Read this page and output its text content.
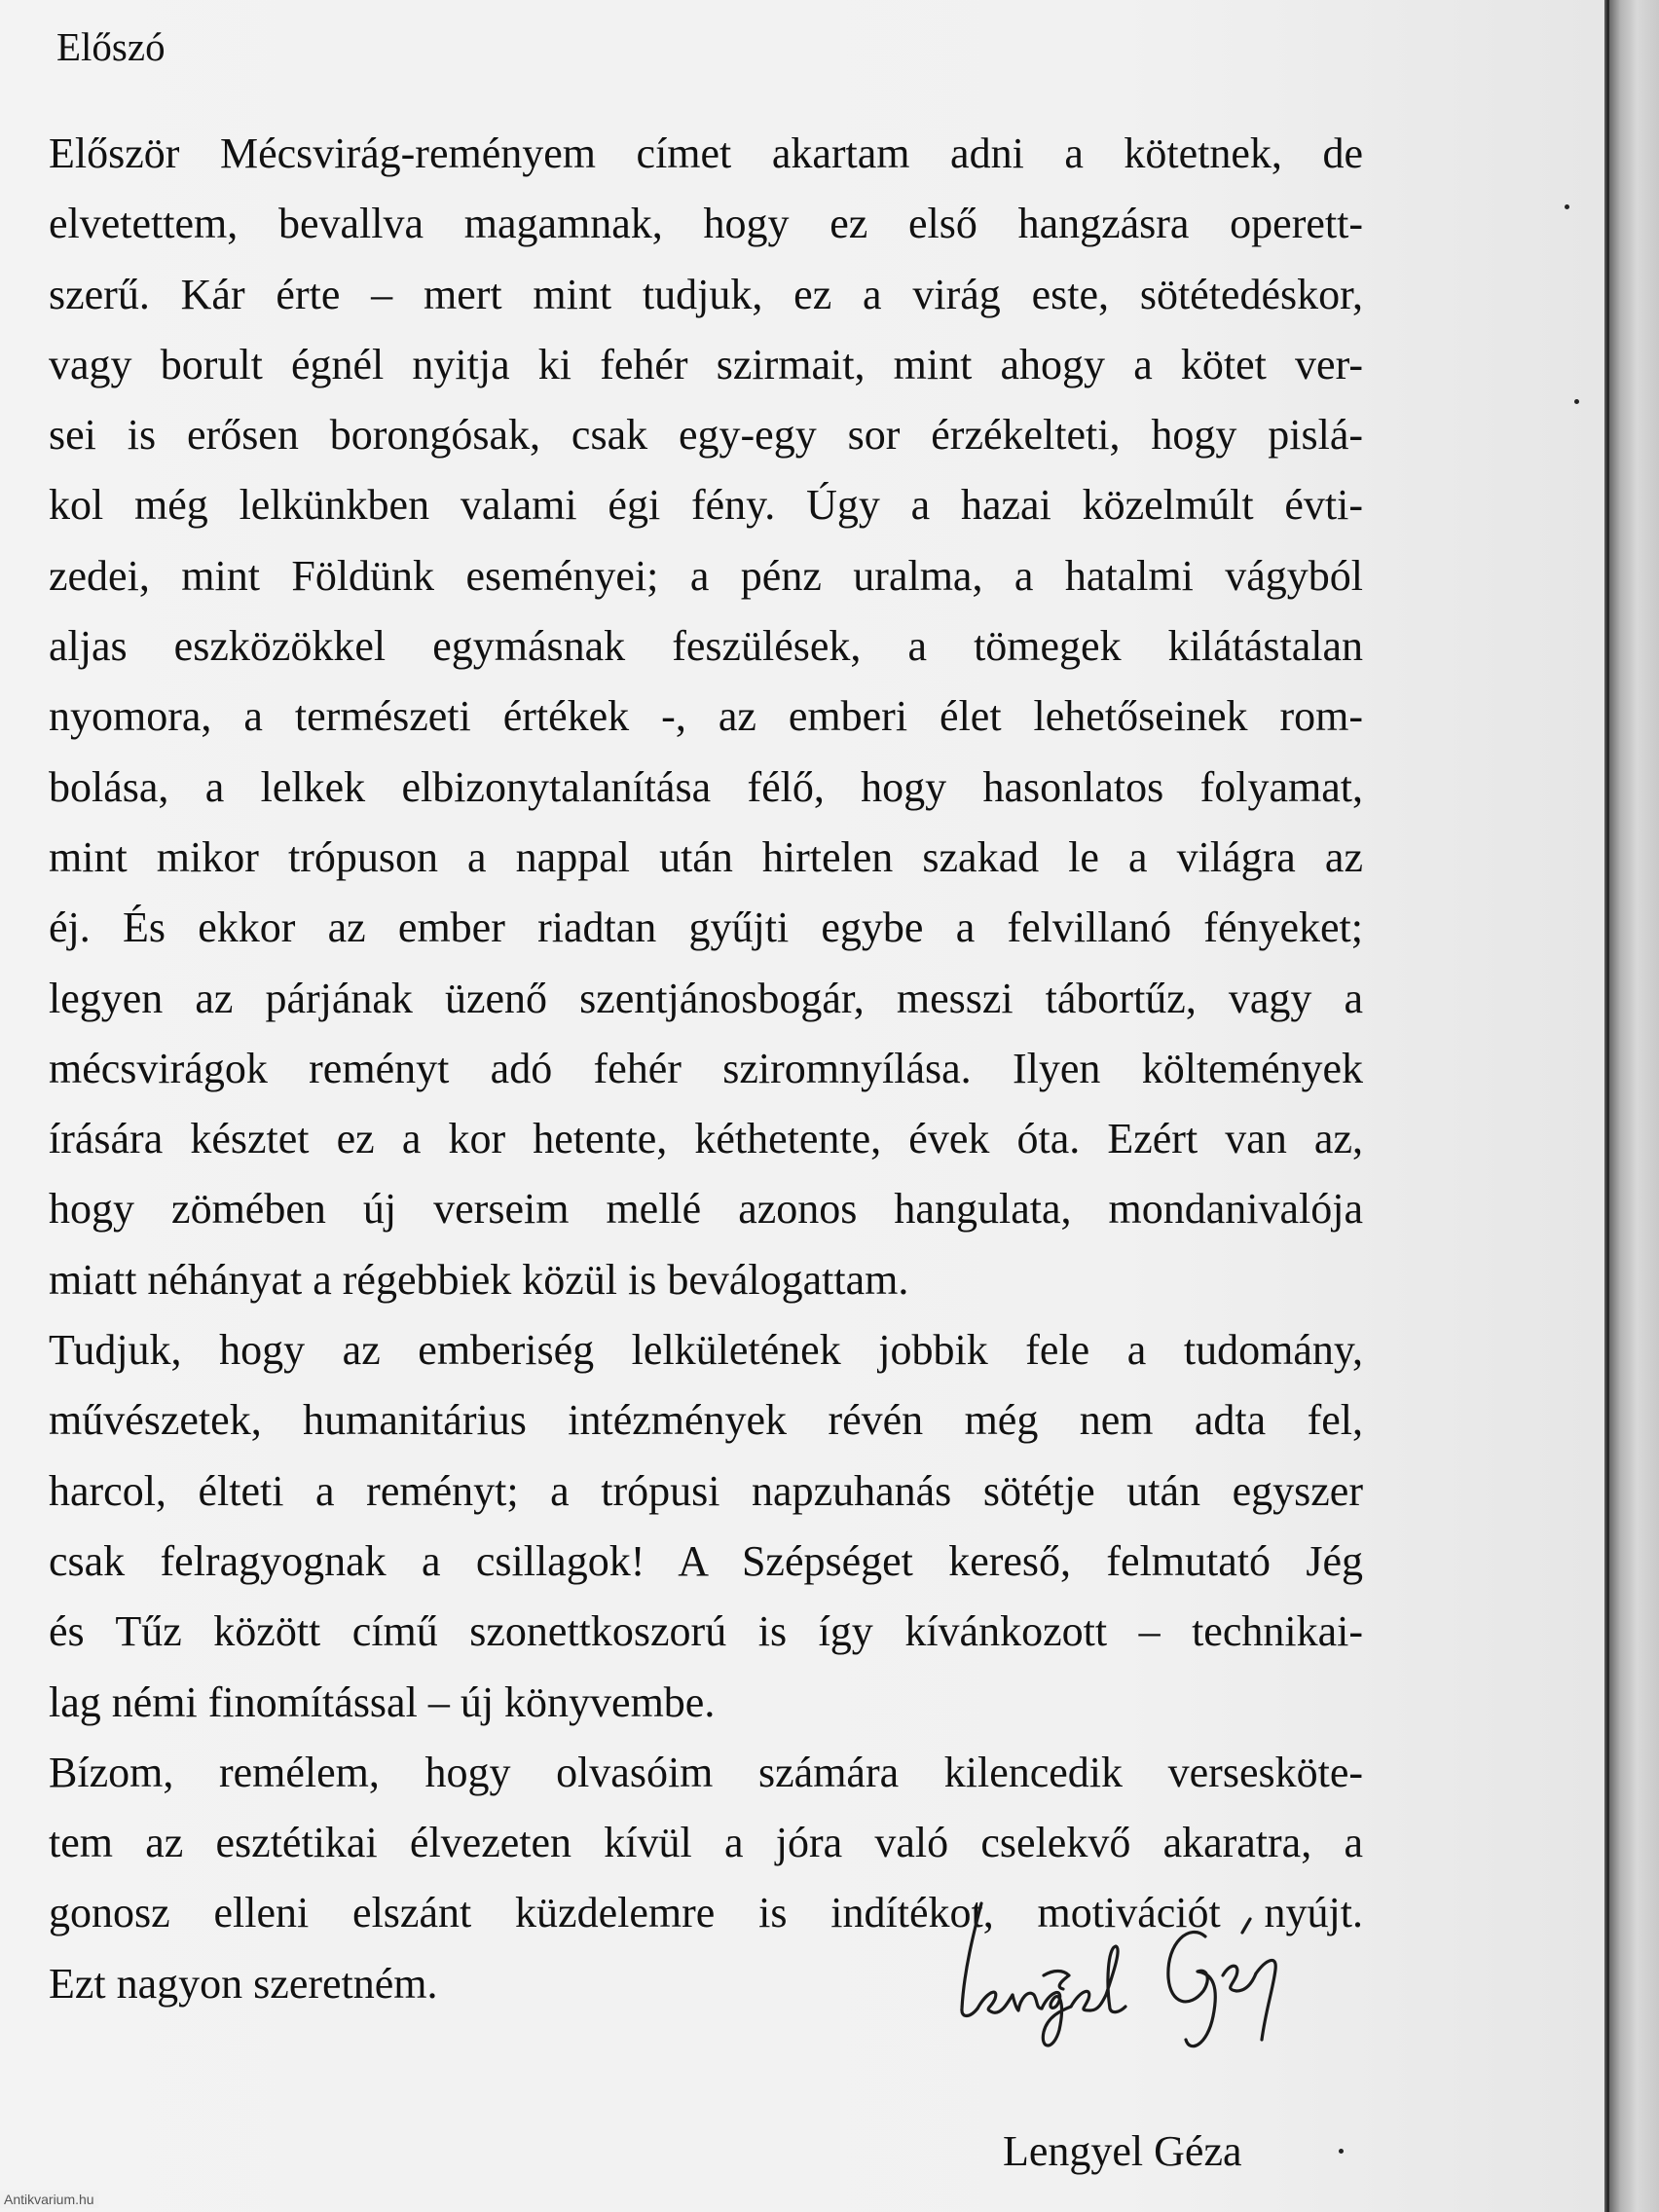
Előszó
Először Mécsvirág-reményem címet akartam adni a kötetnek, de
elvetettem, bevallva magamnak, hogy ez első hangzásra operett-
szerű. Kár érte – mert mint tudjuk, ez a virág este, sötétedéskor,
vagy borult égnél nyitja ki fehér szirmait, mint ahogy a kötet ver-
sei is erősen borongósak, csak egy-egy sor érzékelteti, hogy pislá-
kol még lelkünkben valami égi fény. Úgy a hazai közelmúlt évti-
zedei, mint Földünk eseményei; a pénz uralma, a hatalmi vágyból
aljas eszközökkel egymásnak feszülések, a tömegek kilátástalan
nyomora, a természeti értékek -, az emberi élet lehetőseinek rom-
bolása, a lelkek elbizonytalanítása félő, hogy hasonlatos folyamat,
mint mikor trópuson a nappal után hirtelen szakad le a világra az
éj. És ekkor az ember riadtan gyűjti egybe a felvillanó fényeket;
legyen az párjának üzenő szentjánosbogár, messzi tábortűz, vagy a
mécsvirágok reményt adó fehér sziromnyílása. Ilyen költemények
írására késztet ez a kor hetente, kéthetente, évek óta. Ezért van az,
hogy zömében új verseim mellé azonos hangulata, mondanivalója
miatt néhányat a régebbiek közül is beválogattam.
Tudjuk, hogy az emberiség lelkületének jobbik fele a tudomány,
művészetek, humanitárius intézmények révén még nem adta fel,
harcol, élteti a reményt; a trópusi napzuhanás sötétje után egyszer
csak felragyognak a csillagok! A Szépséget kereső, felmutató Jég
és Tűz között című szonettkoszorú is így kívánkozott – technikai-
lag némi finomítással – új könyvembe.
Bízom, remélem, hogy olvasóim számára kilencedik versesköte-
tem az esztétikai élvezeten kívül a jóra való cselekvő akaratra, a
gonosz elleni elszánt küzdelemre is indítékot, motivációt nyújt.
Ezt nagyon szeretném.
Lengyel Géza
Antikvarium.hu
